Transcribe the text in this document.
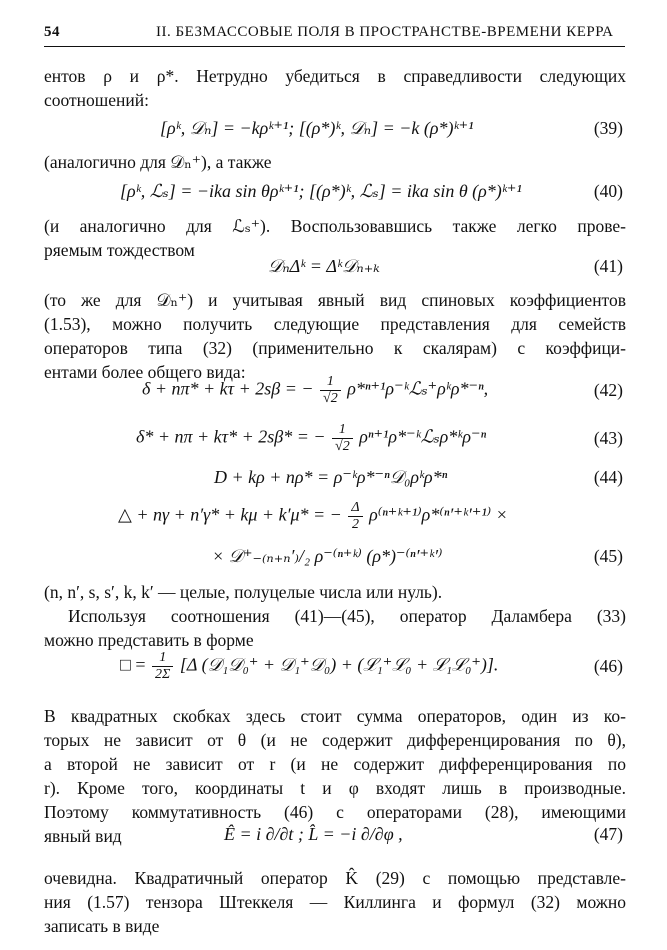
54	II. БЕЗМАССОВЫЕ ПОЛЯ В ПРОСТРАНСТВЕ-ВРЕМЕНИ КЕРРА
ентов ρ и ρ*. Нетрудно убедиться в справедливости следующих
соотношений:
[ρᵏ, 𝒟ₙ] = −kρᵏ⁺¹; [(ρ*)ᵏ, 𝒟ₙ] = −k (ρ*)ᵏ⁺¹	(39)
(аналогично для 𝒟ₙ⁺), а также
[ρᵏ, ℒₛ] = −ika sin θρᵏ⁺¹; [(ρ*)ᵏ, ℒₛ] = ika sin θ (ρ*)ᵏ⁺¹	(40)
(и аналогично для ℒₛ⁺). Воспользовавшись также легко прове-
ряемым тождеством
𝒟ₙΔᵏ = Δᵏ𝒟ₙ₊ₖ	(41)
(то же для 𝒟ₙ⁺) и учитывая явный вид спиновых коэффициентов
(1.53), можно получить следующие представления для семейств
операторов типа (32) (применительно к скалярам) с коэффици-
ентами более общего вида:
δ + nπ* + kτ + 2sβ = − $\frac{1}{√2}$ ρ*ⁿ⁺¹ρ⁻ᵏℒₛ⁺ρᵏρ*⁻ⁿ,	(42)
δ* + nπ + kτ* + 2sβ* = − $\frac{1}{√2}$ ρⁿ⁺¹ρ*⁻ᵏℒₛρ*ᵏρ⁻ⁿ	(43)
D + kρ + nρ* = ρ⁻ᵏρ*⁻ⁿ𝒟₀ρᵏρ*ⁿ	(44)
△ + nγ + n′γ* + kμ + k′μ* = − $\frac{\Delta}{2}$ ρ⁽ⁿ⁺ᵏ⁺¹⁾ρ*⁽ⁿ′⁺ᵏ′⁺¹⁾ ×
× 𝒟⁺₋₍ₙ₊ₙ′₎/₂ ρ⁻⁽ⁿ⁺ᵏ⁾ (ρ*)⁻⁽ⁿ′⁺ᵏ′⁾	(45)
(n, n′, s, s′, k, k′ — целые, полуцелые числа или нуль).
Используя соотношения (41)—(45), оператор Даламбера (33)
можно представить в форме
□ = $\frac{1}{2\Sigma} [\Delta$ (𝒟₁𝒟₀⁺ + 𝒟₁⁺𝒟₀) + (ℒ₁⁺ℒ₀ + ℒ₁ℒ₀⁺)].	(46)
В квадратных скобках здесь стоит сумма операторов, один из ко-
торых не зависит от θ (и не содержит дифференцирования по θ),
а второй не зависит от r (и не содержит дифференцирования по
r). Кроме того, координаты t и φ входят лишь в производные.
Поэтому коммутативность (46) с операторами (28), имеющими
явный вид	Ê = i ∂/∂t ; L̂ = −i ∂/∂φ ,	(47)
очевидна. Квадратичный оператор K̂ (29) с помощью представле-
ния (1.57) тензора Штеккеля — Киллинга и формул (32) можно
записать в виде
